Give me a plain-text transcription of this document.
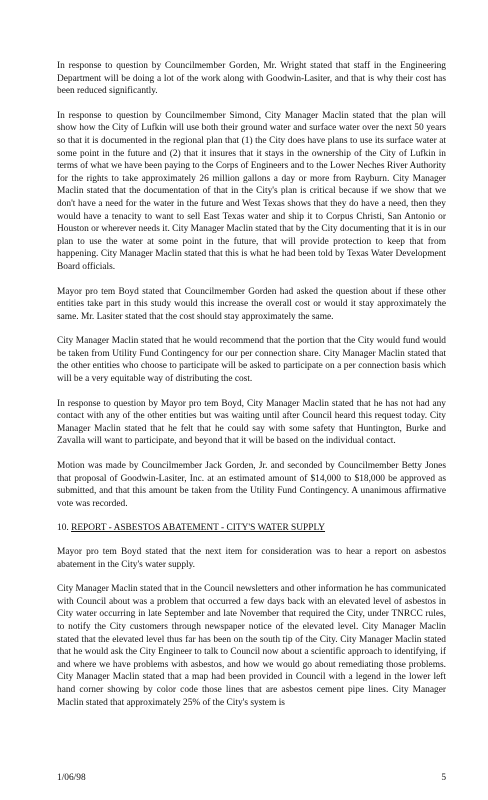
In response to question by Councilmember Gorden, Mr. Wright stated that staff in the Engineering Department will be doing a lot of the work along with Goodwin-Lasiter, and that is why their cost has been reduced significantly.

In response to question by Councilmember Simond, City Manager Maclin stated that the plan will show how the City of Lufkin will use both their ground water and surface water over the next 50 years so that it is documented in the regional plan that (1) the City does have plans to use its surface water at some point in the future and (2) that it insures that it stays in the ownership of the City of Lufkin in terms of what we have been paying to the Corps of Engineers and to the Lower Neches River Authority for the rights to take approximately 26 million gallons a day or more from Rayburn. City Manager Maclin stated that the documentation of that in the City's plan is critical because if we show that we don't have a need for the water in the future and West Texas shows that they do have a need, then they would have a tenacity to want to sell East Texas water and ship it to Corpus Christi, San Antonio or Houston or wherever needs it. City Manager Maclin stated that by the City documenting that it is in our plan to use the water at some point in the future, that will provide protection to keep that from happening. City Manager Maclin stated that this is what he had been told by Texas Water Development Board officials.

Mayor pro tem Boyd stated that Councilmember Gorden had asked the question about if these other entities take part in this study would this increase the overall cost or would it stay approximately the same. Mr. Lasiter stated that the cost should stay approximately the same.

City Manager Maclin stated that he would recommend that the portion that the City would fund would be taken from Utility Fund Contingency for our per connection share. City Manager Maclin stated that the other entities who choose to participate will be asked to participate on a per connection basis which will be a very equitable way of distributing the cost.

In response to question by Mayor pro tem Boyd, City Manager Maclin stated that he has not had any contact with any of the other entities but was waiting until after Council heard this request today. City Manager Maclin stated that he felt that he could say with some safety that Huntington, Burke and Zavalla will want to participate, and beyond that it will be based on the individual contact.

Motion was made by Councilmember Jack Gorden, Jr. and seconded by Councilmember Betty Jones that proposal of Goodwin-Lasiter, Inc. at an estimated amount of $14,000 to $18,000 be approved as submitted, and that this amount be taken from the Utility Fund Contingency. A unanimous affirmative vote was recorded.

10. REPORT - ASBESTOS ABATEMENT - CITY'S WATER SUPPLY

Mayor pro tem Boyd stated that the next item for consideration was to hear a report on asbestos abatement in the City's water supply.

City Manager Maclin stated that in the Council newsletters and other information he has communicated with Council about was a problem that occurred a few days back with an elevated level of asbestos in City water occurring in late September and late November that required the City, under TNRCC rules, to notify the City customers through newspaper notice of the elevated level. City Manager Maclin stated that the elevated level thus far has been on the south tip of the City. City Manager Maclin stated that he would ask the City Engineer to talk to Council now about a scientific approach to identifying, if and where we have problems with asbestos, and how we would go about remediating those problems. City Manager Maclin stated that a map had been provided in Council with a legend in the lower left hand corner showing by color code those lines that are asbestos cement pipe lines. City Manager Maclin stated that approximately 25% of the City's system is

1/06/98	5
